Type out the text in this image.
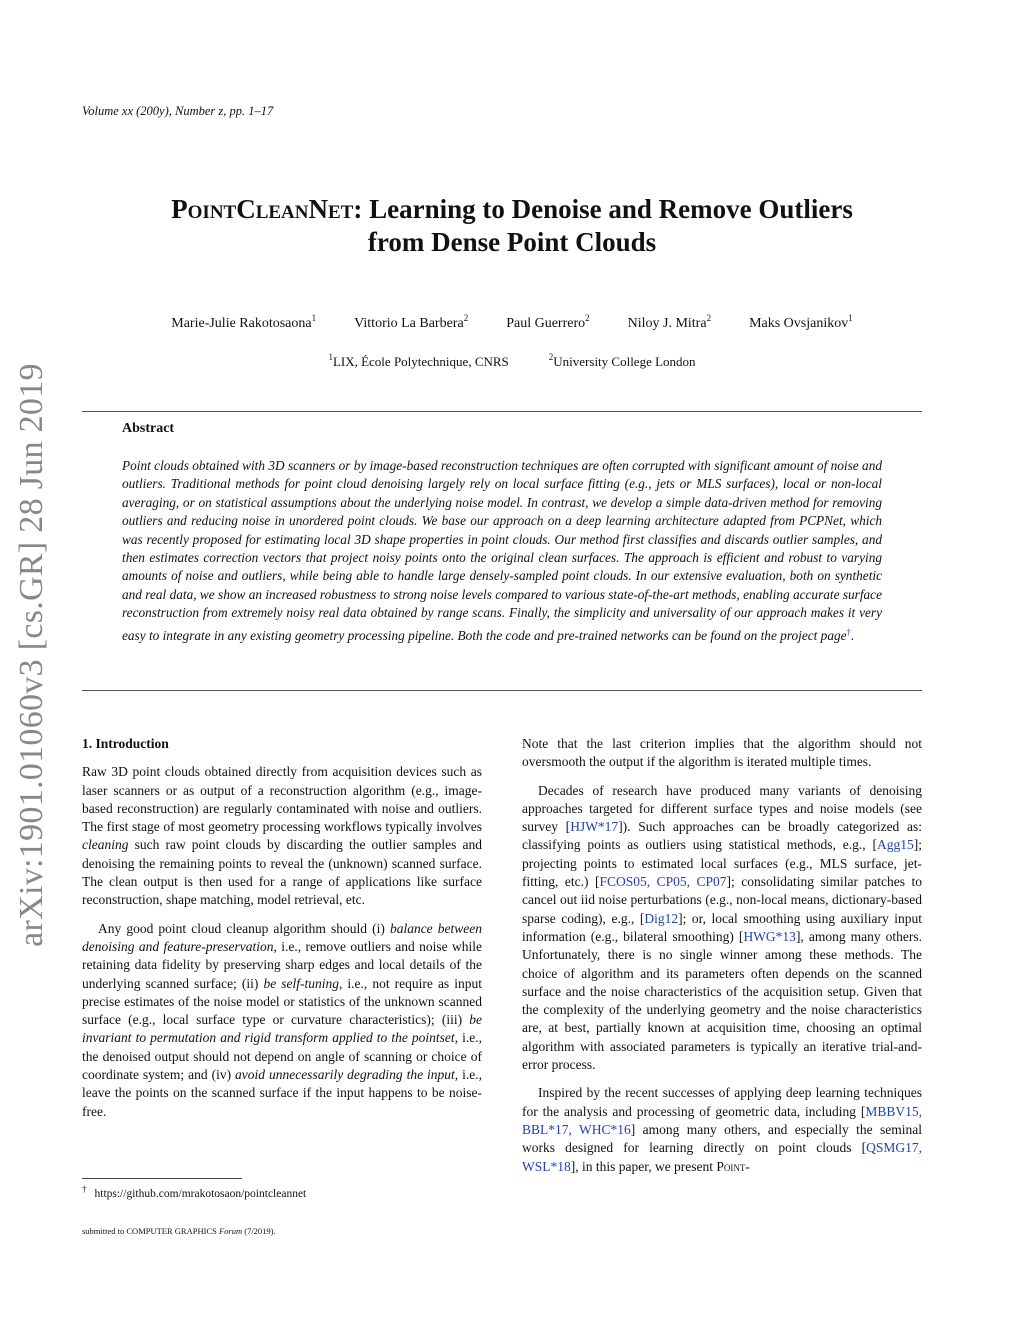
Volume xx (200y), Number z, pp. 1–17
PointCleanNet: Learning to Denoise and Remove Outliers
from Dense Point Clouds
Marie-Julie Rakotosaona$^1$	Vittorio La Barbera$^2$	Paul Guerrero$^2$	Niloy J. Mitra$^2$	Maks Ovsjanikov$^1$
$^1$LIX, École Polytechnique, CNRS	$^2$University College London
Abstract
Point clouds obtained with 3D scanners or by image-based reconstruction techniques are often corrupted with significant amount of noise and outliers. Traditional methods for point cloud denoising largely rely on local surface fitting (e.g., jets or MLS surfaces), local or non-local averaging, or on statistical assumptions about the underlying noise model. In contrast, we develop a simple data-driven method for removing outliers and reducing noise in unordered point clouds. We base our approach on a deep learning architecture adapted from PCPNet, which was recently proposed for estimating local 3D shape properties in point clouds. Our method first classifies and discards outlier samples, and then estimates correction vectors that project noisy points onto the original clean surfaces. The approach is efficient and robust to varying amounts of noise and outliers, while being able to handle large densely-sampled point clouds. In our extensive evaluation, both on synthetic and real data, we show an increased robustness to strong noise levels compared to various state-of-the-art methods, enabling accurate surface reconstruction from extremely noisy real data obtained by range scans. Finally, the simplicity and universality of our approach makes it very easy to integrate in any existing geometry processing pipeline. Both the code and pre-trained networks can be found on the project page†.
arXiv:1901.01060v3 [cs.GR] 28 Jun 2019 1. Introduction

Raw 3D point clouds obtained directly from acquisition devices such as laser scanners or as output of a reconstruction algorithm (e.g., image-based reconstruction) are regularly contaminated with noise and outliers. The first stage of most geometry processing workflows typically involves cleaning such raw point clouds by discarding the outlier samples and denoising the remaining points to reveal the (unknown) scanned surface. The clean output is then used for a range of applications like surface reconstruction, shape matching, model retrieval, etc.

Any good point cloud cleanup algorithm should (i) balance between denoising and feature-preservation, i.e., remove outliers and noise while retaining data fidelity by preserving sharp edges and local details of the underlying scanned surface; (ii) be self-tuning, i.e., not require as input precise estimates of the noise model or statistics of the unknown scanned surface (e.g., local surface type or curvature characteristics); (iii) be invariant to permutation and rigid transform applied to the pointset, i.e., the denoised output should not depend on angle of scanning or choice of coordinate system; and (iv) avoid unnecessarily degrading the input, i.e., leave the points on the scanned surface if the input happens to be noise-free.

Note that the last criterion implies that the algorithm should not oversmooth the output if the algorithm is iterated multiple times.

Decades of research have produced many variants of denoising approaches targeted for different surface types and noise models (see survey [HJW*17]). Such approaches can be broadly categorized as: classifying points as outliers using statistical methods, e.g., [Agg15]; projecting points to estimated local surfaces (e.g., MLS surface, jet-fitting, etc.) [FCOS05, CP05, CP07]; consolidating similar patches to cancel out iid noise perturbations (e.g., non-local means, dictionary-based sparse coding), e.g., [Dig12]; or, local smoothing using auxiliary input information (e.g., bilateral smoothing) [HWG*13], among many others. Unfortunately, there is no single winner among these methods. The choice of algorithm and its parameters often depends on the scanned surface and the noise characteristics of the acquisition setup. Given that the complexity of the underlying geometry and the noise characteristics are, at best, partially known at acquisition time, choosing an optimal algorithm with associated parameters is typically an iterative trial-and-error process.

Inspired by the recent successes of applying deep learning techniques for the analysis and processing of geometric data, including [MBBV15, BBL*17, WHC*16] among many others, and especially the seminal works designed for learning directly on point clouds [QSMG17, WSL*18], in this paper, we present Point-

† https://github.com/mrakotosaon/pointcleannet
submitted to COMPUTER GRAPHICS Forum (7/2019).
